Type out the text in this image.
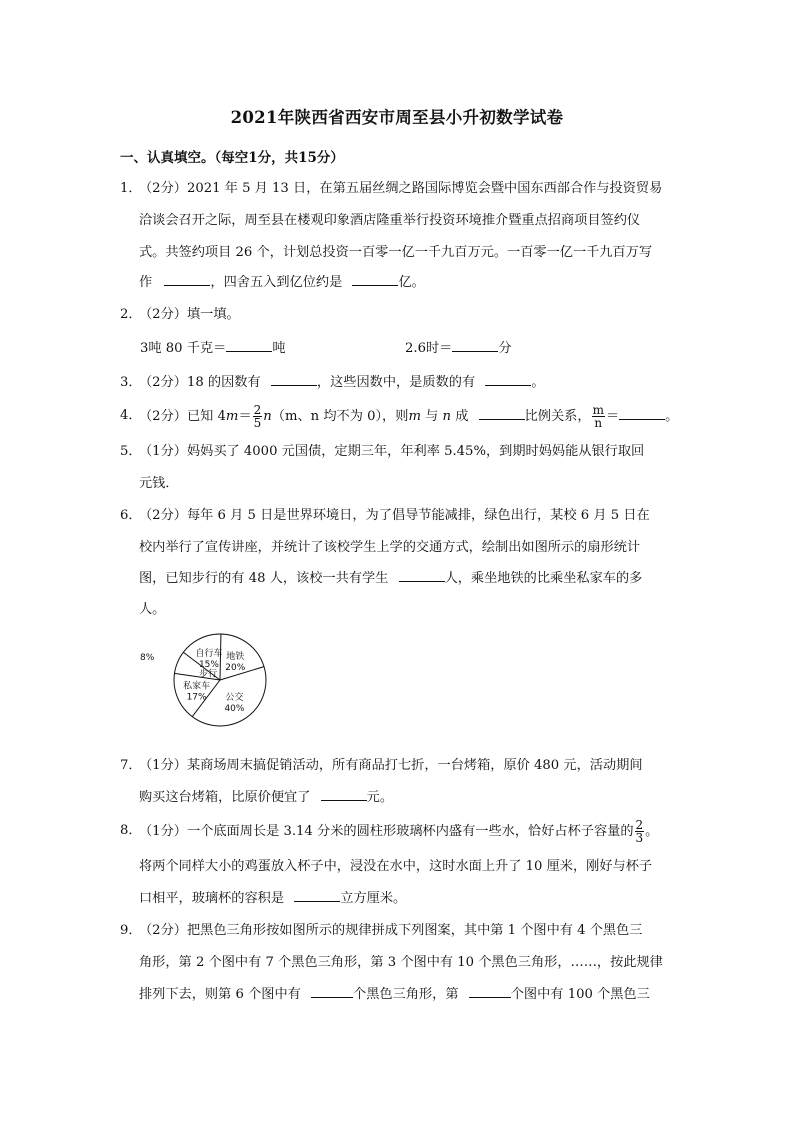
2021年陕西省西安市周至县小升初数学试卷
一、认真填空。（每空1分，共15分）
1．
（2分）2021 年 5 月 13 日，在第五届丝绸之路国际博览会暨中国东西部合作与投资贸易
洽谈会召开之际，周至县在楼观印象酒店隆重举行投资环境推介暨重点招商项目签约仪
式。共签约项目 26 个，计划总投资一百零一亿一千九百万元。一百零一亿一千九百万写
作	，四舍五入到亿位约是	亿。
2．
（2分）填一填。
3吨 80 千克＝	吨	2.6时＝	分
3．
（2分）18 的因数有	，这些因数中，是质数的有	。
4．
（2分）已知 $4m= \frac{2}{5} n(m$、n 均不为 0），则m 与 n 成	比例关系， $\frac{m}{n}$ ＝	。
5．
（1分）妈妈买了 4000 元国债，定期三年，年利率 5.45%，到期时妈妈能从银行取回
元钱．
6．
（2分）每年 6 月 5 日是世界环境日，为了倡导节能减排，绿色出行，某校 6 月 5 日在
校内举行了宣传讲座，并统计了该校学生上学的交通方式，绘制出如图所示的扇形统计
图，已知步行的有 48 人，该校一共有学生	人，乘坐地铁的比乘坐私家车的多
人。
地铁
20%
公交
40%
私家车
17%
步行
8%	自行车
15%
7．
（1分）某商场周末搞促销活动，所有商品打七折，一台烤箱，原价 480 元，活动期间
购买这台烤箱，比原价便宜了	元。
8．
（1分）一个底面周长是 3.14 分米的圆柱形玻璃杯内盛有一些水，恰好占杯子容量的 $\frac{2}{3}$ 。
将两个同样大小的鸡蛋放入杯子中，浸没在水中，这时水面上升了 10 厘米，刚好与杯子
口相平，玻璃杯的容积是	立方厘米。
9．
（2分）把黑色三角形按如图所示的规律拼成下列图案，其中第 1 个图中有 4 个黑色三
角形，第 2 个图中有 7 个黑色三角形，第 3 个图中有 10 个黑色三角形，……，按此规律
排列下去，则第 6 个图中有	个黑色三角形，第	个图中有 100 个黑色三
